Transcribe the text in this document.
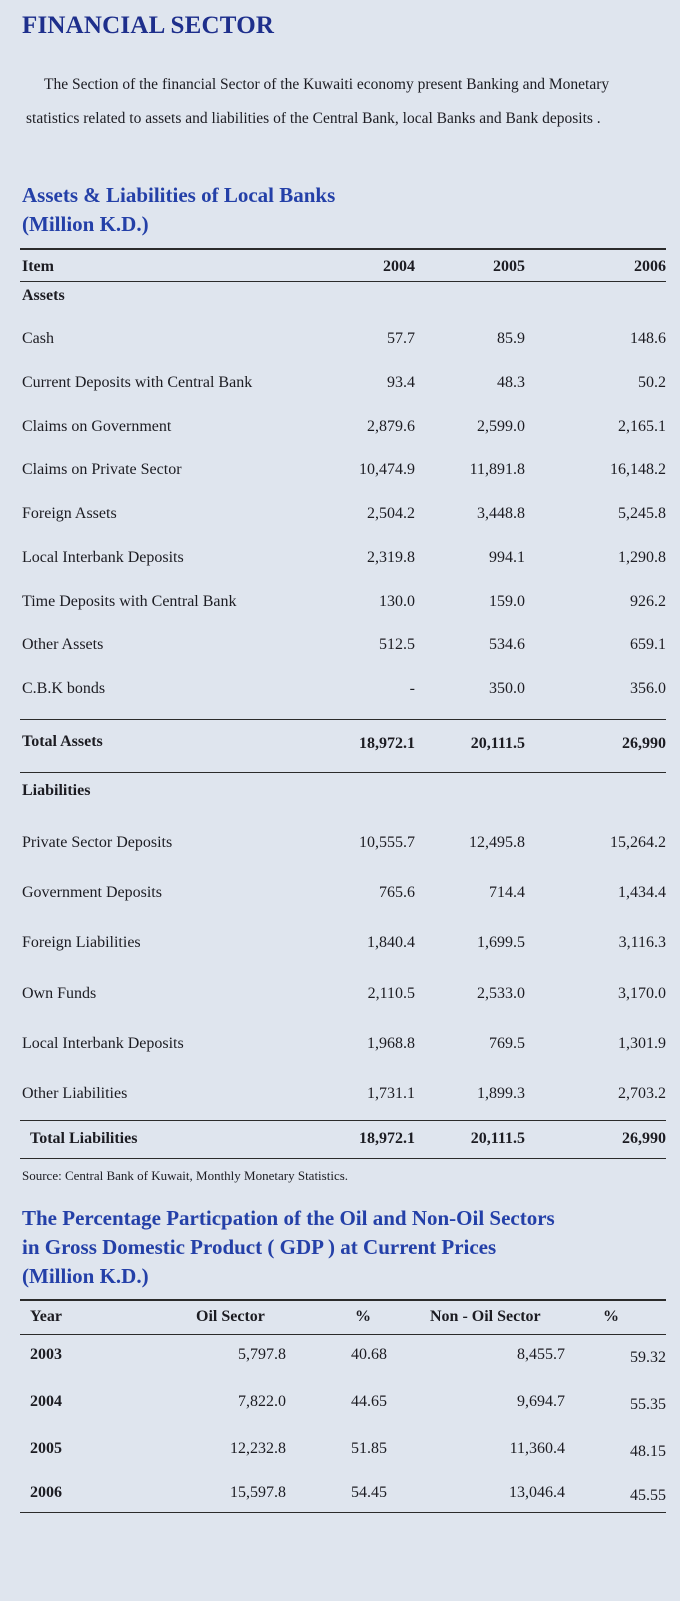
FINANCIAL SECTOR

The Section of the financial Sector of the Kuwaiti economy present Banking and Monetary statistics related to assets and liabilities of the Central Bank, local Banks and Bank deposits .

Assets & Liabilities of Local Banks
(Million K.D.)
Item	2004	2005	2006
Assets
Cash	57.7	85.9	148.6
Current Deposits with Central Bank	93.4	48.3	50.2
Claims on Government	2,879.6	2,599.0	2,165.1
Claims on Private Sector	10,474.9	11,891.8	16,148.2
Foreign Assets	2,504.2	3,448.8	5,245.8
Local Interbank Deposits	2,319.8	994.1	1,290.8
Time Deposits with Central Bank	130.0	159.0	926.2
Other Assets	512.5	534.6	659.1
C.B.K bonds	-	350.0	356.0
Total Assets	18,972.1	20,111.5	26,990
Liabilities
Private Sector Deposits	10,555.7	12,495.8	15,264.2
Government Deposits	765.6	714.4	1,434.4
Foreign Liabilities	1,840.4	1,699.5	3,116.3
Own Funds	2,110.5	2,533.0	3,170.0
Local Interbank Deposits	1,968.8	769.5	1,301.9
Other Liabilities	1,731.1	1,899.3	2,703.2
Total Liabilities	18,972.1	20,111.5	26,990
Source: Central Bank of Kuwait, Monthly Monetary Statistics.
The Percentage Particpation of the Oil and Non-Oil Sectors
in Gross Domestic Product ( GDP ) at Current Prices
(Million K.D.)
Year	Oil Sector	%	Non - Oil Sector	%
2003	5,797.8	40.68	8,455.7	59.32
2004	7,822.0	44.65	9,694.7	55.35
2005	12,232.8	51.85	11,360.4	48.15
2006	15,597.8	54.45	13,046.4	45.55
